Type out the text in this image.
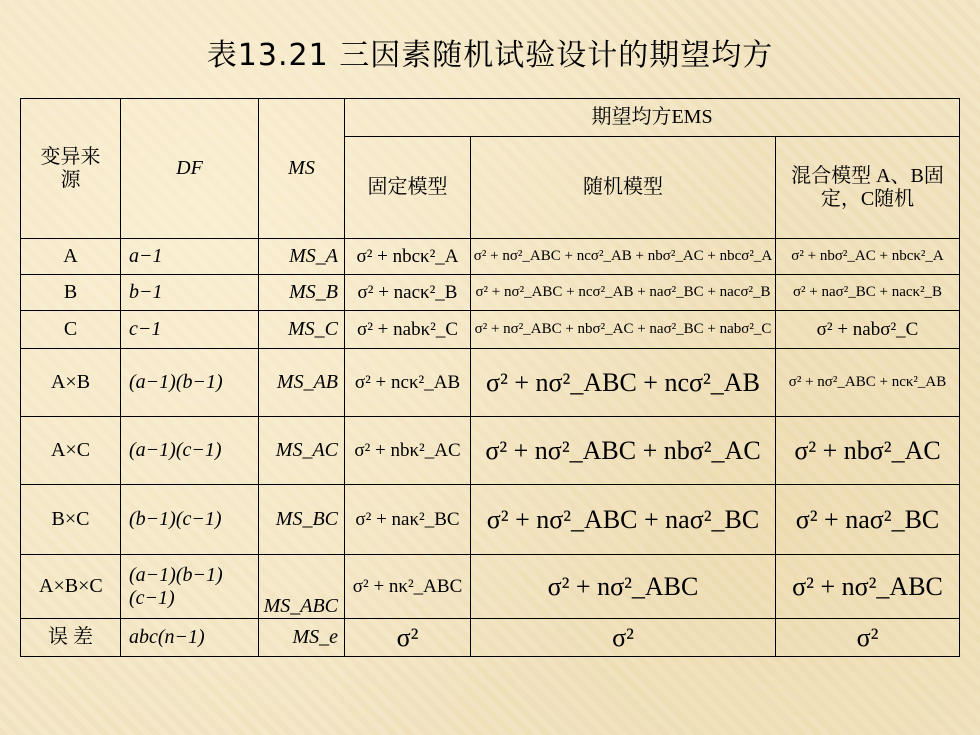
表13.21 三因素随机试验设计的期望均方
变异来源	DF	MS	期望均方EMS		
			固定模型	随机模型	混合模型 A、B固定，C随机
A	a−1	MS_A	σ² + nbcκ²_A	σ² + nσ²_ABC + ncσ²_AB + nbσ²_AC + nbcσ²_A	σ² + nbσ²_AC + nbcκ²_A
B	b−1	MS_B	σ² + nacκ²_B	σ² + nσ²_ABC + ncσ²_AB + naσ²_BC + nacσ²_B	σ² + naσ²_BC + nacκ²_B
C	c−1	MS_C	σ² + nabκ²_C	σ² + nσ²_ABC + nbσ²_AC + naσ²_BC + nabσ²_C	σ² + nabσ²_C
A×B	(a−1)(b−1)	MS_AB	σ² + ncκ²_AB	σ² + nσ²_ABC + ncσ²_AB	σ² + nσ²_ABC + ncκ²_AB
A×C	(a−1)(c−1)	MS_AC	σ² + nbκ²_AC	σ² + nσ²_ABC + nbσ²_AC	σ² + nbσ²_AC
B×C	(b−1)(c−1)	MS_BC	σ² + naκ²_BC	σ² + nσ²_ABC + naσ²_BC	σ² + naσ²_BC
A×B×C	(a−1)(b−1)(c−1)	MS_ABC	σ² + nκ²_ABC	σ² + nσ²_ABC	σ² + nσ²_ABC
误 差	abc(n−1)	MS_e	σ²	σ²	σ²
